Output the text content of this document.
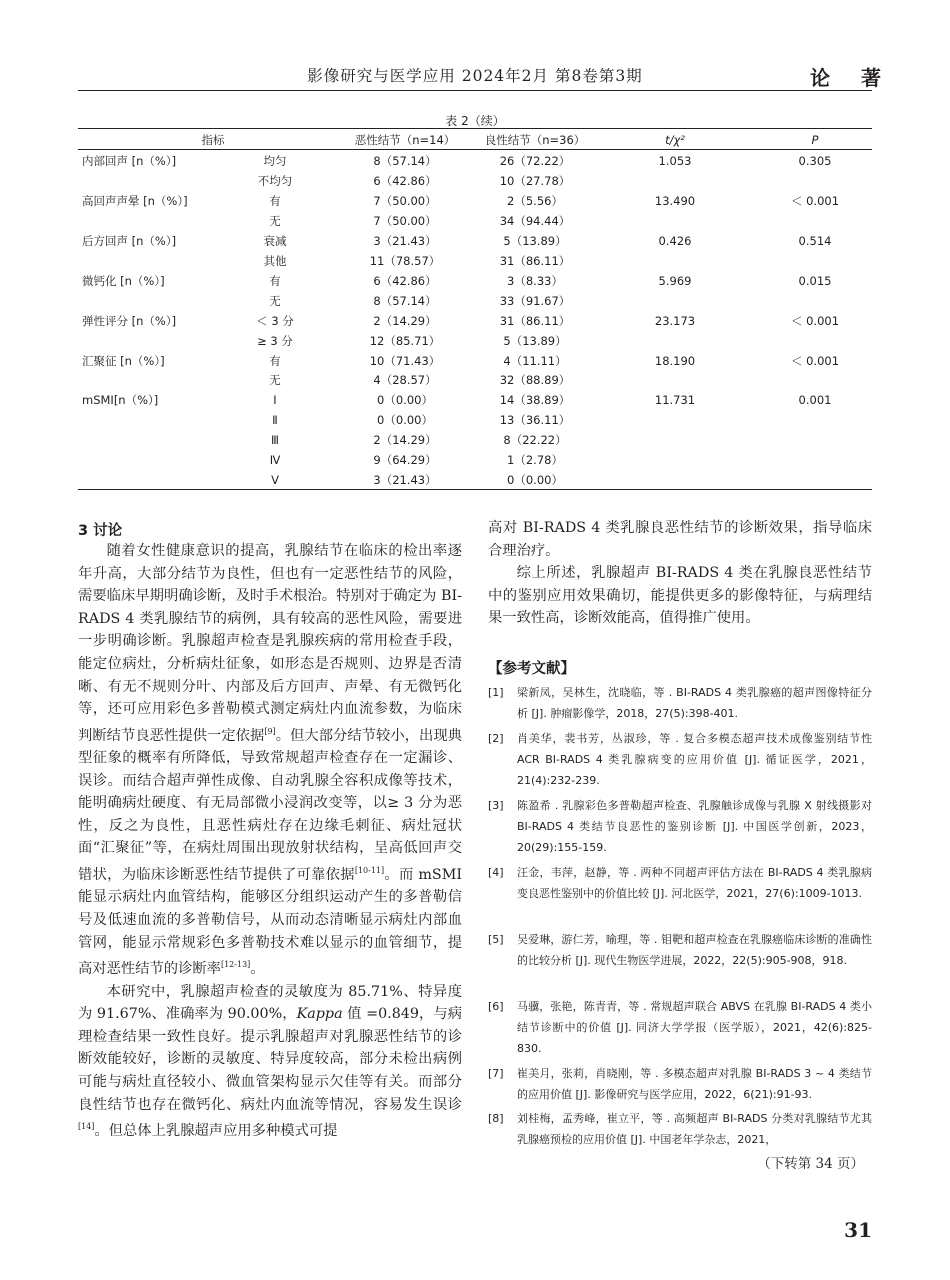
影像研究与医学应用 2024年2月 第8卷第3期	论 著
表 2（续）
指标	恶性结节（n=14）	良性结节（n=36）	t/χ²	P
内部回声 [n（%）]	均匀	8（57.14）	26（72.22）	1.053	0.305
不均匀	6（42.86）	10（27.78）
高回声声晕 [n（%）]	有	7（50.00）	2（5.56）	13.490	＜ 0.001
无	7（50.00）	34（94.44）
后方回声 [n（%）]	衰减	3（21.43）	5（13.89）	0.426	0.514
其他	11（78.57）	31（86.11）
微钙化 [n（%）]	有	6（42.86）	3（8.33）	5.969	0.015
无	8（57.14）	33（91.67）
弹性评分 [n（%）]	＜ 3 分	2（14.29）	31（86.11）	23.173	＜ 0.001
≥ 3 分	12（85.71）	5（13.89）
汇聚征 [n（%）]	有	10（71.43）	4（11.11）	18.190	＜ 0.001
无	4（28.57）	32（88.89）
mSMI[n（%）]	Ⅰ	0（0.00）	14（38.89）	11.731	0.001
Ⅱ	0（0.00）	13（36.11）
Ⅲ	2（14.29）	8（22.22）
Ⅳ	9（64.29）	1（2.78）
Ⅴ	3（21.43）	0（0.00）
3 讨论

随着女性健康意识的提高，乳腺结节在临床的检出率逐年升高，大部分结节为良性，但也有一定恶性结节的风险，需要临床早期明确诊断，及时手术根治。特别对于确定为 BI-RADS 4 类乳腺结节的病例，具有较高的恶性风险，需要进一步明确诊断。乳腺超声检查是乳腺疾病的常用检查手段，能定位病灶，分析病灶征象，如形态是否规则、边界是否清晰、有无不规则分叶、内部及后方回声、声晕、有无微钙化等，还可应用彩色多普勒模式测定病灶内血流参数，为临床判断结节良恶性提供一定依据[9]。但大部分结节较小，出现典型征象的概率有所降低，导致常规超声检查存在一定漏诊、误诊。而结合超声弹性成像、自动乳腺全容积成像等技术，能明确病灶硬度、有无局部微小浸润改变等，以≥ 3 分为恶性，反之为良性，且恶性病灶存在边缘毛刺征、病灶冠状面“汇聚征”等，在病灶周围出现放射状结构，呈高低回声交错状，为临床诊断恶性结节提供了可靠依据[10-11]。而 mSMI 能显示病灶内血管结构，能够区分组织运动产生的多普勒信号及低速血流的多普勒信号，从而动态清晰显示病灶内部血管网，能显示常规彩色多普勒技术难以显示的血管细节，提高对恶性结节的诊断率[12-13]。

本研究中，乳腺超声检查的灵敏度为 85.71%、特异度为 91.67%、准确率为 90.00%，Kappa 值 =0.849，与病理检查结果一致性良好。提示乳腺超声对乳腺恶性结节的诊断效能较好，诊断的灵敏度、特异度较高，部分未检出病例可能与病灶直径较小、微血管架构显示欠佳等有关。而部分良性结节也存在微钙化、病灶内血流等情况，容易发生误诊[14]。但总体上乳腺超声应用多种模式可提

高对 BI-RADS 4 类乳腺良恶性结节的诊断效果，指导临床合理治疗。

综上所述，乳腺超声 BI-RADS 4 类在乳腺良恶性结节中的鉴别应用效果确切，能提供更多的影像特征，与病理结果一致性高，诊断效能高，值得推广使用。

【参考文献】
[1] 梁新凤，吴林生，沈晓临，等 . BI-RADS 4 类乳腺癌的超声图像特征分析 [J]. 肿瘤影像学，2018，27(5):398-401.
[2] 肖美华，裴书芳，丛淑珍，等 . 复合多模态超声技术成像鉴别结节性 ACR BI-RADS 4 类乳腺病变的应用价值 [J]. 循证医学，2021，21(4):232-239.
[3] 陈盈希 . 乳腺彩色多普勒超声检查、乳腺触诊成像与乳腺 X 射线摄影对 BI-RADS 4 类结节良恶性的鉴别诊断 [J]. 中国医学创新，2023，20(29):155-159.
[4] 汪金，韦萍，赵静，等 . 两种不同超声评估方法在 BI-RADS 4 类乳腺病变良恶性鉴别中的价值比较 [J]. 河北医学，2021，27(6):1009-1013.
[5] 吴爱琳，游仁芳，喻理，等 . 钼靶和超声检查在乳腺癌临床诊断的准确性的比较分析 [J]. 现代生物医学进展，2022，22(5):905-908，918.
[6] 马骥，张艳，陈青青，等 . 常规超声联合 ABVS 在乳腺 BI-RADS 4 类小结节诊断中的价值 [J]. 同济大学学报（医学版），2021，42(6):825-830.
[7] 崔美月，张莉，肖晓刚，等 . 多模态超声对乳腺 BI-RADS 3 ~ 4 类结节的应用价值 [J]. 影像研究与医学应用，2022，6(21):91-93.
[8] 刘桂梅，孟秀峰，崔立平，等 . 高频超声 BI-RADS 分类对乳腺结节尤其乳腺癌预检的应用价值 [J]. 中国老年学杂志，2021，
（下转第 34 页）
31
